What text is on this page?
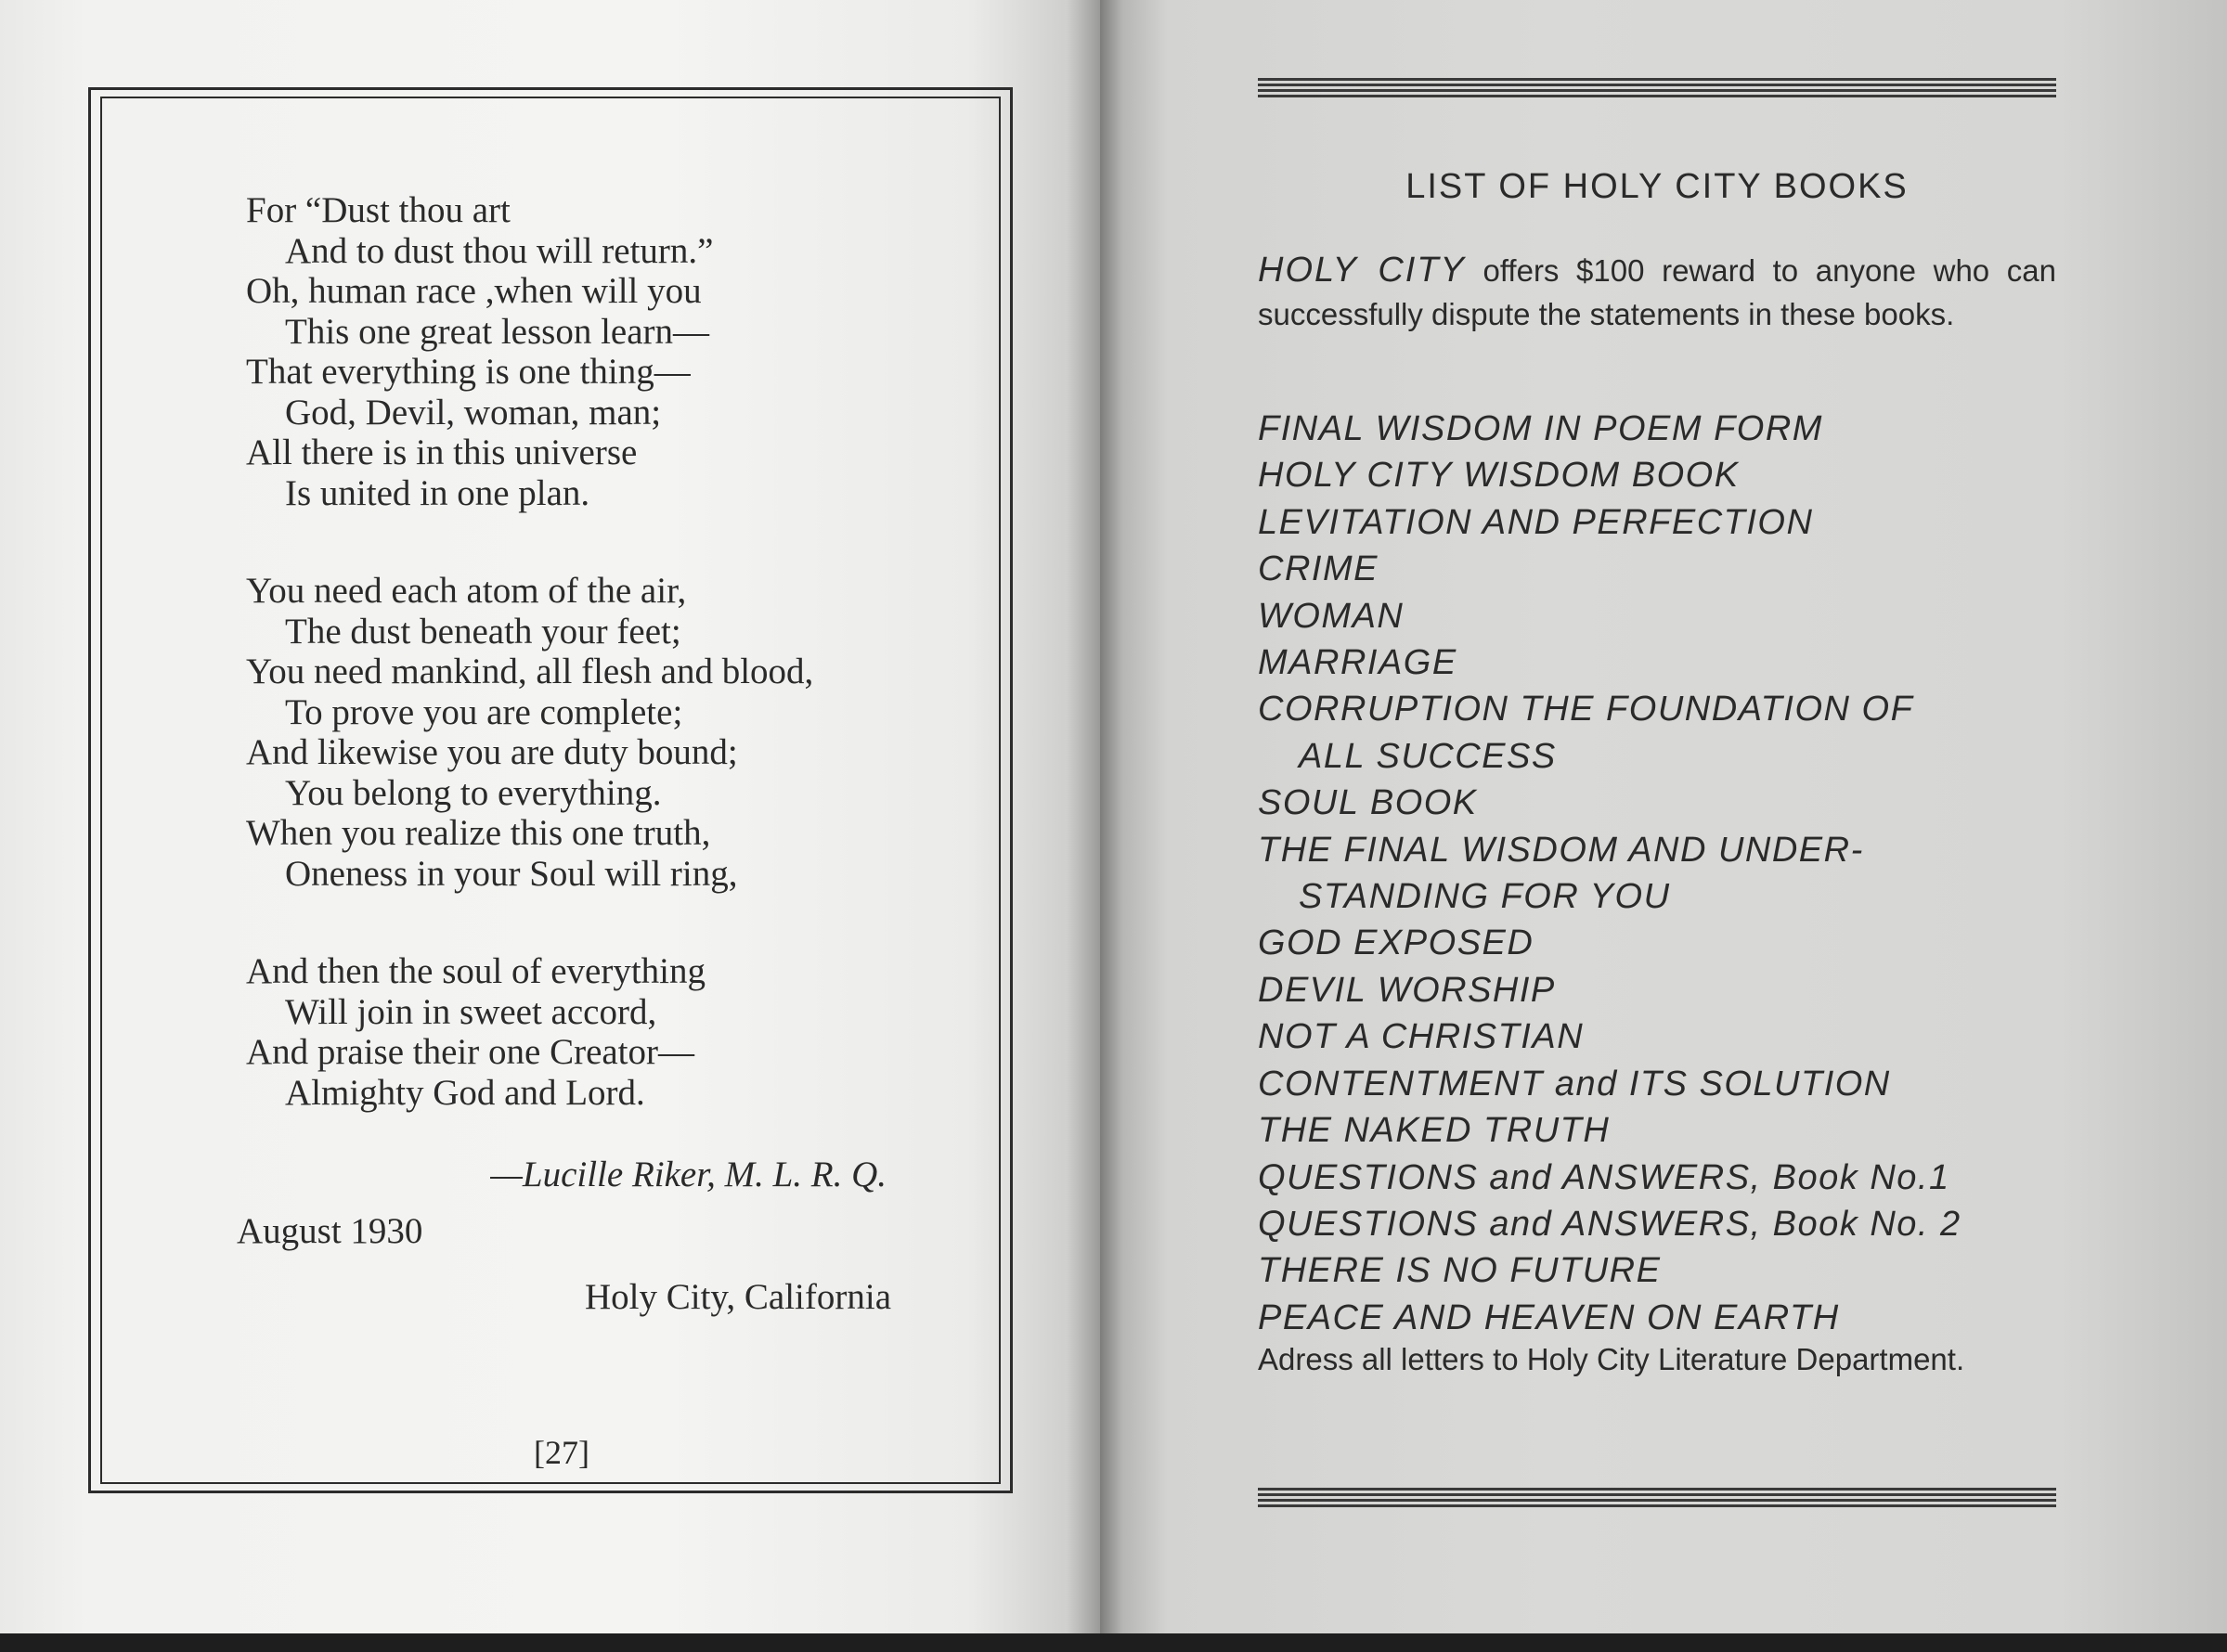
For “Dust thou art
And to dust thou will return.”
Oh, human race ,when will you
This one great lesson learn—
That everything is one thing—
God, Devil, woman, man;
All there is in this universe
Is united in one plan.
You need each atom of the air,
The dust beneath your feet;
You need mankind, all flesh and blood,
To prove you are complete;
And likewise you are duty bound;
You belong to everything.
When you realize this one truth,
Oneness in your Soul will ring,
And then the soul of everything
Will join in sweet accord,
And praise their one Creator—
Almighty God and Lord.
—Lucille Riker, M. L. R. Q.
August 1930
Holy City, California
[27]
LIST OF HOLY CITY BOOKS
HOLY CITY offers $100 reward to anyone who can successfully dispute the statements in these books.
FINAL WISDOM IN POEM FORM
HOLY CITY WISDOM BOOK
LEVITATION AND PERFECTION
CRIME
WOMAN
MARRIAGE
CORRUPTION THE FOUNDATION OF
ALL SUCCESS
SOUL BOOK
THE FINAL WISDOM AND UNDER-
STANDING FOR YOU
GOD EXPOSED
DEVIL WORSHIP
NOT A CHRISTIAN
CONTENTMENT and ITS SOLUTION
THE NAKED TRUTH
QUESTIONS and ANSWERS, Book No.1
QUESTIONS and ANSWERS, Book No. 2
THERE IS NO FUTURE
PEACE AND HEAVEN ON EARTH
Adress all letters to Holy City Literature Department.
